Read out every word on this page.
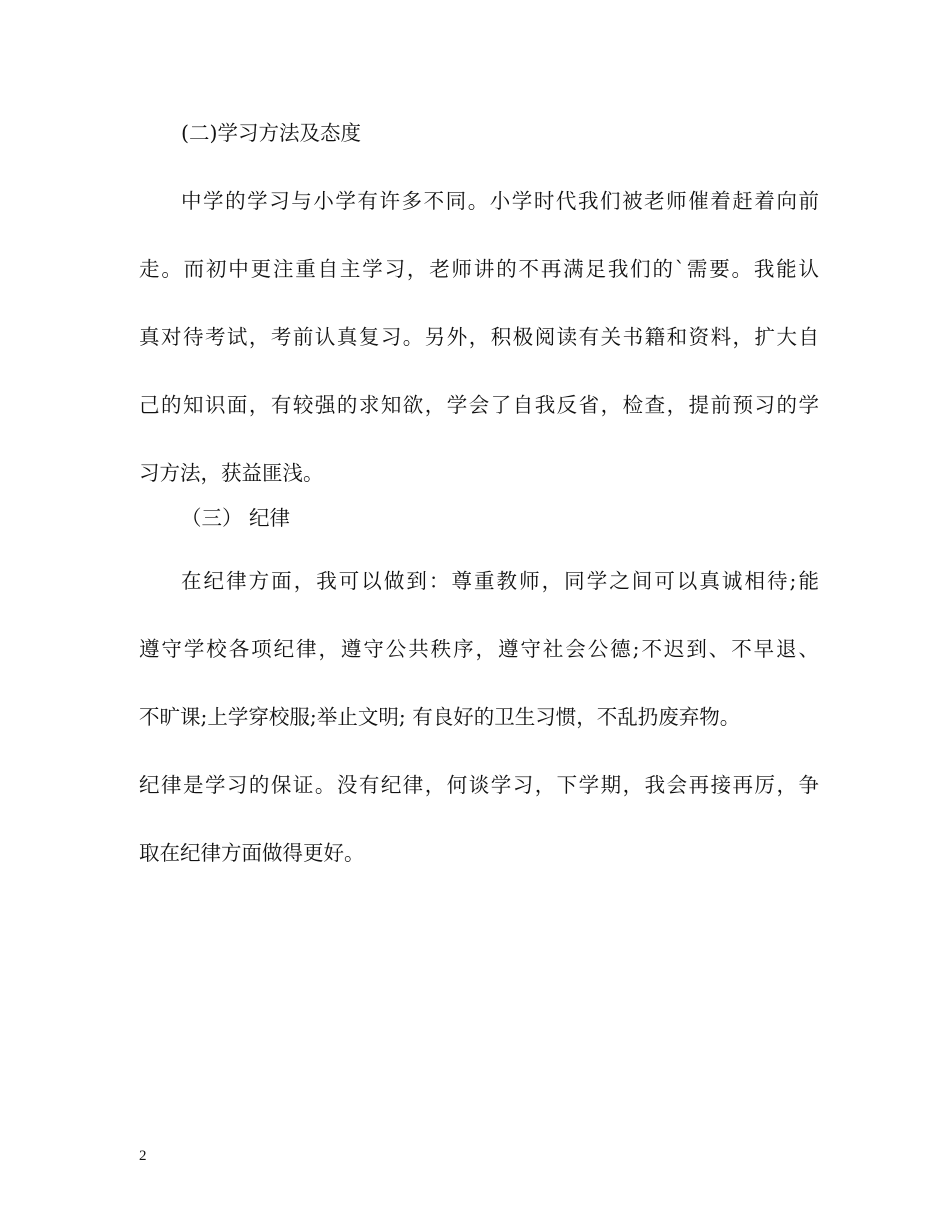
(二)学习方法及态度
中学的学习与小学有许多不同。小学时代我们被老师催着赶着向前
走。而初中更注重自主学习，老师讲的不再满足我们的`需要。我能认
真对待考试，考前认真复习。另外，积极阅读有关书籍和资料，扩大自
己的知识面，有较强的求知欲，学会了自我反省，检查，提前预习的学
习方法，获益匪浅。
（三） 纪律
在纪律方面，我可以做到：尊重教师，同学之间可以真诚相待;能
遵守学校各项纪律，遵守公共秩序，遵守社会公德;不迟到、不早退、
不旷课;上学穿校服;举止文明; 有良好的卫生习惯，不乱扔废弃物。
纪律是学习的保证。没有纪律，何谈学习，下学期，我会再接再厉，争
取在纪律方面做得更好。
2
